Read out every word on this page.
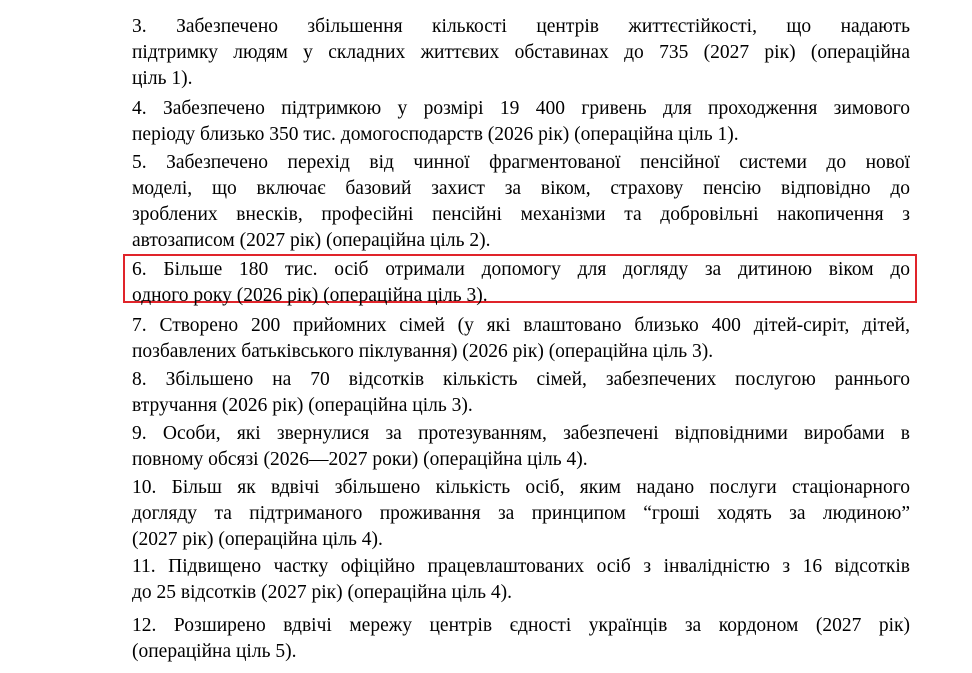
3. Забезпечено збільшення кількості центрів життєстійкості, що надають
підтримку людям у складних життєвих обставинах до 735 (2027 рік) (операційна
ціль 1).
4. Забезпечено підтримкою у розмірі 19 400 гривень для проходження зимового
періоду близько 350 тис. домогосподарств (2026 рік) (операційна ціль 1).
5. Забезпечено перехід від чинної фрагментованої пенсійної системи до нової
моделі, що включає базовий захист за віком, страхову пенсію відповідно до
зроблених внесків, професійні пенсійні механізми та добровільні накопичення з
автозаписом (2027 рік) (операційна ціль 2).
6. Більше 180 тис. осіб отримали допомогу для догляду за дитиною віком до
одного року (2026 рік) (операційна ціль 3).
7. Створено 200 прийомних сімей (у які влаштовано близько 400 дітей-сиріт, дітей,
позбавлених батьківського піклування) (2026 рік) (операційна ціль 3).
8. Збільшено на 70 відсотків кількість сімей, забезпечених послугою раннього
втручання (2026 рік) (операційна ціль 3).
9. Особи, які звернулися за протезуванням, забезпечені відповідними виробами в
повному обсязі (2026—2027 роки) (операційна ціль 4).
10. Більш як вдвічі збільшено кількість осіб, яким надано послуги стаціонарного
догляду та підтриманого проживання за принципом “гроші ходять за людиною”
(2027 рік) (операційна ціль 4).
11. Підвищено частку офіційно працевлаштованих осіб з інвалідністю з 16 відсотків
до 25 відсотків (2027 рік) (операційна ціль 4).
12. Розширено вдвічі мережу центрів єдності українців за кордоном (2027 рік)
(операційна ціль 5).
